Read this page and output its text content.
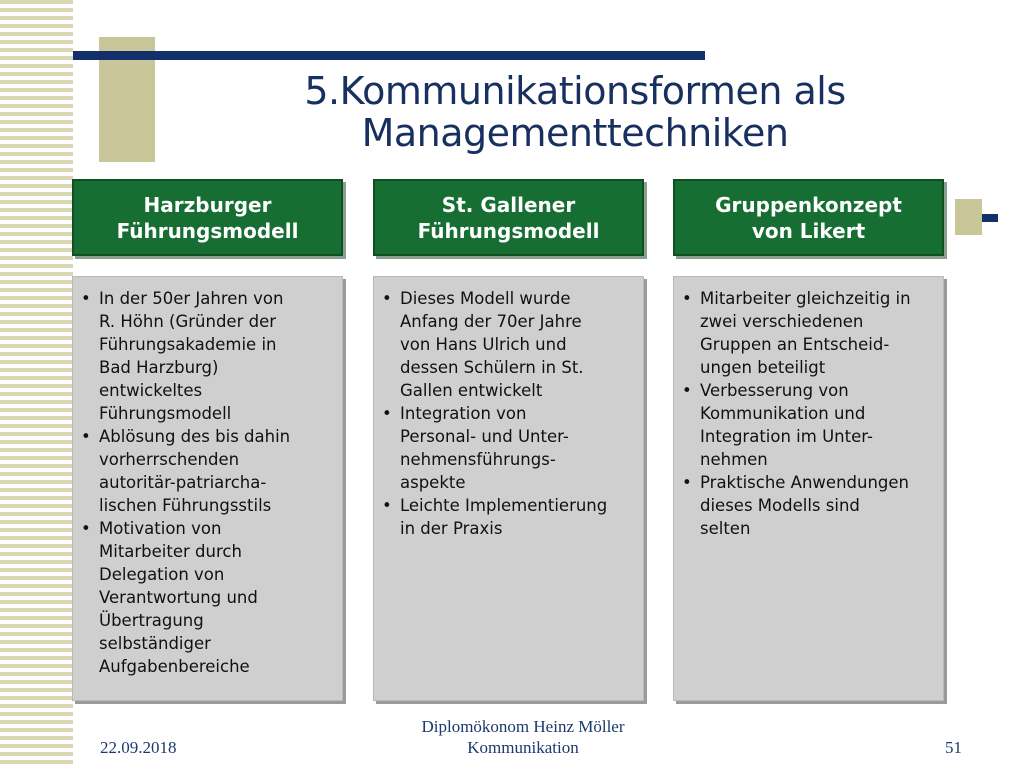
5.Kommunikationsformen als
Managementtechniken
Harzburger
Führungsmodell
• In der 50er Jahren von
R. Höhn (Gründer der
Führungsakademie in
Bad Harzburg)
entwickeltes
Führungsmodell
• Ablösung des bis dahin
vorherrschenden
autoritär-patriarcha-
lischen Führungsstils
• Motivation von
Mitarbeiter durch
Delegation von
Verantwortung und
Übertragung
selbständiger
Aufgabenbereiche
St. Gallener
Führungsmodell
• Dieses Modell wurde
Anfang der 70er Jahre
von Hans Ulrich und
dessen Schülern in St.
Gallen entwickelt
• Integration von
Personal- und Unter-
nehmensführungs-
aspekte
• Leichte Implementierung
in der Praxis
Gruppenkonzept
von Likert
• Mitarbeiter gleichzeitig in
zwei verschiedenen
Gruppen an Entscheid-
ungen beteiligt
• Verbesserung von
Kommunikation und
Integration im Unter-
nehmen
• Praktische Anwendungen
dieses Modells sind
selten
22.09.2018
Diplomökonom Heinz Möller
Kommunikation	51
